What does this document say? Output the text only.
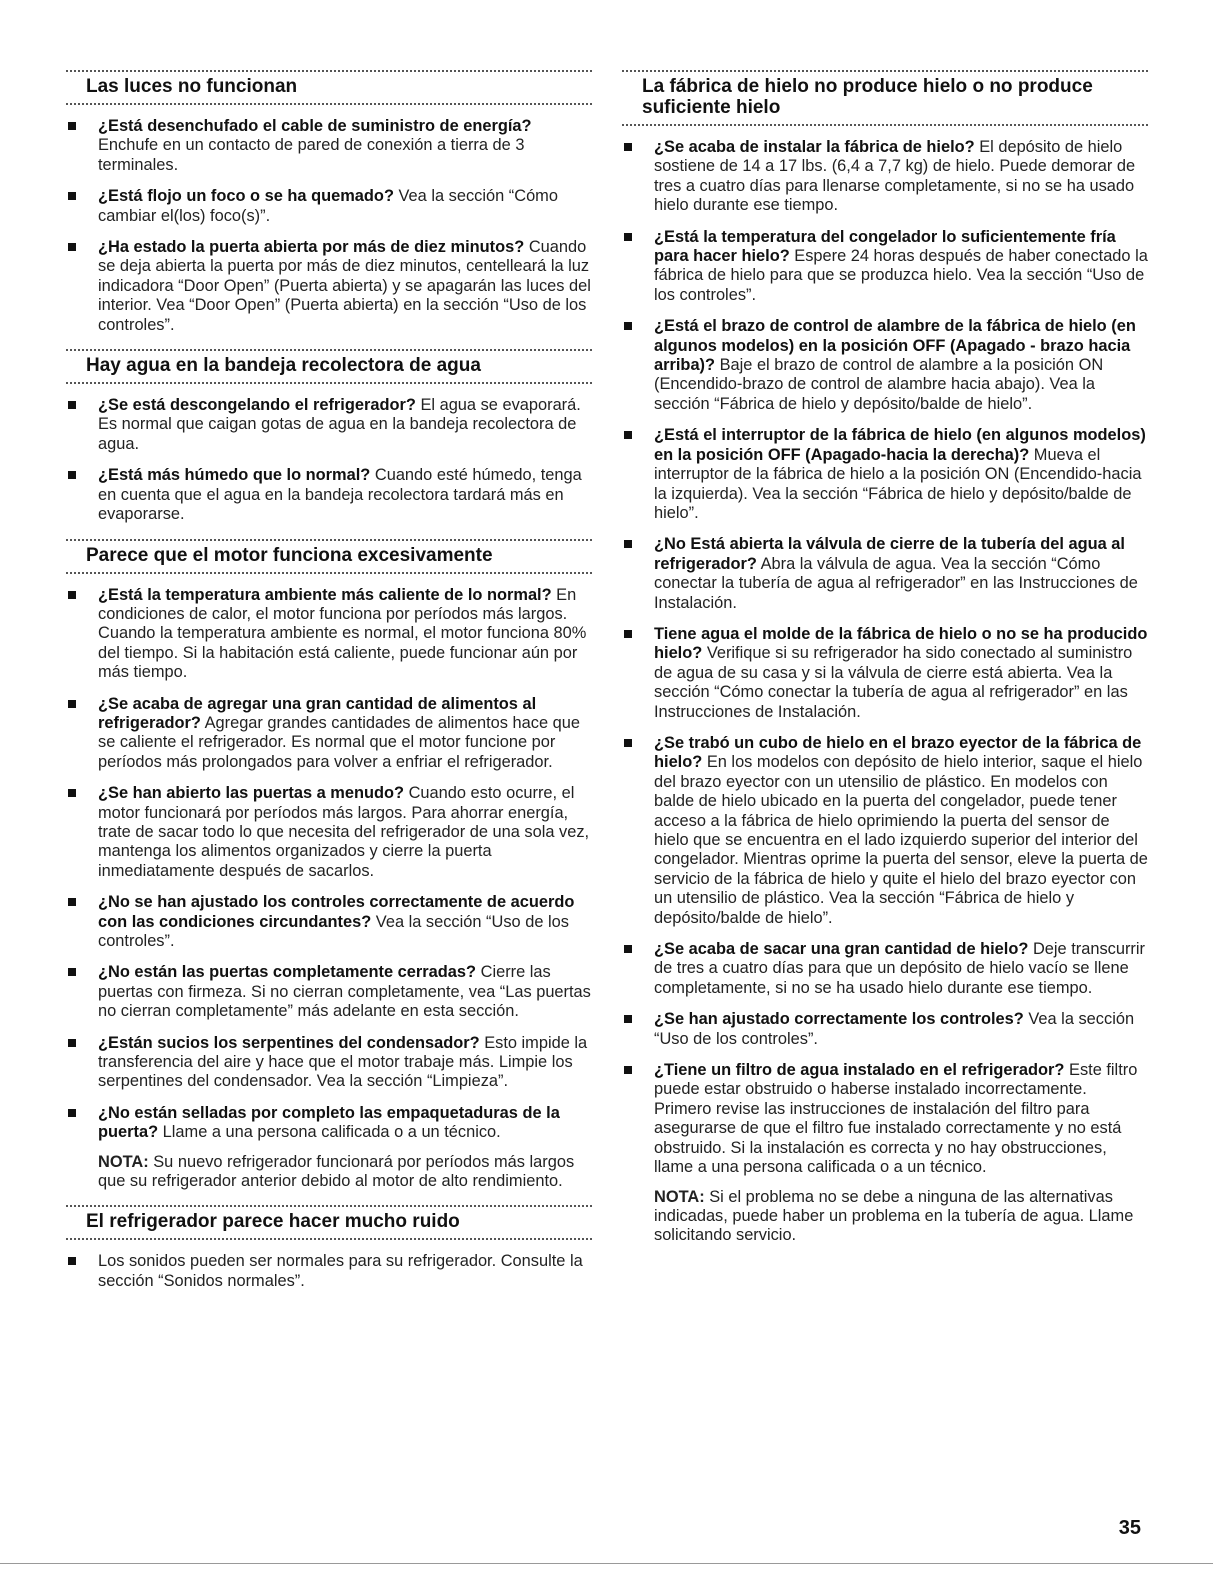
Las luces no funcionan
¿Está desenchufado el cable de suministro de energía? Enchufe en un contacto de pared de conexión a tierra de 3 terminales.
¿Está flojo un foco o se ha quemado? Vea la sección “Cómo cambiar el(los) foco(s)”.
¿Ha estado la puerta abierta por más de diez minutos? Cuando se deja abierta la puerta por más de diez minutos, centelleará la luz indicadora “Door Open” (Puerta abierta) y se apagarán las luces del interior. Vea “Door Open” (Puerta abierta) en la sección “Uso de los controles”.
Hay agua en la bandeja recolectora de agua
¿Se está descongelando el refrigerador? El agua se evaporará. Es normal que caigan gotas de agua en la bandeja recolectora de agua.
¿Está más húmedo que lo normal? Cuando esté húmedo, tenga en cuenta que el agua en la bandeja recolectora tardará más en evaporarse.
Parece que el motor funciona excesivamente
¿Está la temperatura ambiente más caliente de lo normal? En condiciones de calor, el motor funciona por períodos más largos. Cuando la temperatura ambiente es normal, el motor funciona 80% del tiempo. Si la habitación está caliente, puede funcionar aún por más tiempo.
¿Se acaba de agregar una gran cantidad de alimentos al refrigerador? Agregar grandes cantidades de alimentos hace que se caliente el refrigerador. Es normal que el motor funcione por períodos más prolongados para volver a enfriar el refrigerador.
¿Se han abierto las puertas a menudo? Cuando esto ocurre, el motor funcionará por períodos más largos. Para ahorrar energía, trate de sacar todo lo que necesita del refrigerador de una sola vez, mantenga los alimentos organizados y cierre la puerta inmediatamente después de sacarlos.
¿No se han ajustado los controles correctamente de acuerdo con las condiciones circundantes? Vea la sección “Uso de los controles”.
¿No están las puertas completamente cerradas? Cierre las puertas con firmeza. Si no cierran completamente, vea “Las puertas no cierran completamente” más adelante en esta sección.
¿Están sucios los serpentines del condensador? Esto impide la transferencia del aire y hace que el motor trabaje más. Limpie los serpentines del condensador. Vea la sección “Limpieza”.
¿No están selladas por completo las empaquetaduras de la puerta? Llame a una persona calificada o a un técnico.
NOTA: Su nuevo refrigerador funcionará por períodos más largos que su refrigerador anterior debido al motor de alto rendimiento.
El refrigerador parece hacer mucho ruido
Los sonidos pueden ser normales para su refrigerador. Consulte la sección “Sonidos normales”.
La fábrica de hielo no produce hielo o no produce suficiente hielo
¿Se acaba de instalar la fábrica de hielo? El depósito de hielo sostiene de 14 a 17 lbs. (6,4 a 7,7 kg) de hielo. Puede demorar de tres a cuatro días para llenarse completamente, si no se ha usado hielo durante ese tiempo.
¿Está la temperatura del congelador lo suficientemente fría para hacer hielo? Espere 24 horas después de haber conectado la fábrica de hielo para que se produzca hielo. Vea la sección “Uso de los controles”.
¿Está el brazo de control de alambre de la fábrica de hielo (en algunos modelos) en la posición OFF (Apagado - brazo hacia arriba)? Baje el brazo de control de alambre a la posición ON (Encendido-brazo de control de alambre hacia abajo). Vea la sección “Fábrica de hielo y depósito/balde de hielo”.
¿Está el interruptor de la fábrica de hielo (en algunos modelos) en la posición OFF (Apagado-hacia la derecha)? Mueva el interruptor de la fábrica de hielo a la posición ON (Encendido-hacia la izquierda). Vea la sección “Fábrica de hielo y depósito/balde de hielo”.
¿No Está abierta la válvula de cierre de la tubería del agua al refrigerador? Abra la válvula de agua. Vea la sección “Cómo conectar la tubería de agua al refrigerador” en las Instrucciones de Instalación.
Tiene agua el molde de la fábrica de hielo o no se ha producido hielo? Verifique si su refrigerador ha sido conectado al suministro de agua de su casa y si la válvula de cierre está abierta. Vea la sección “Cómo conectar la tubería de agua al refrigerador” en las Instrucciones de Instalación.
¿Se trabó un cubo de hielo en el brazo eyector de la fábrica de hielo? En los modelos con depósito de hielo interior, saque el hielo del brazo eyector con un utensilio de plástico. En modelos con balde de hielo ubicado en la puerta del congelador, puede tener acceso a la fábrica de hielo oprimiendo la puerta del sensor de hielo que se encuentra en el lado izquierdo superior del interior del congelador. Mientras oprime la puerta del sensor, eleve la puerta de servicio de la fábrica de hielo y quite el hielo del brazo eyector con un utensilio de plástico. Vea la sección “Fábrica de hielo y depósito/balde de hielo”.
¿Se acaba de sacar una gran cantidad de hielo? Deje transcurrir de tres a cuatro días para que un depósito de hielo vacío se llene completamente, si no se ha usado hielo durante ese tiempo.
¿Se han ajustado correctamente los controles? Vea la sección “Uso de los controles”.
¿Tiene un filtro de agua instalado en el refrigerador? Este filtro puede estar obstruido o haberse instalado incorrectamente. Primero revise las instrucciones de instalación del filtro para asegurarse de que el filtro fue instalado correctamente y no está obstruido. Si la instalación es correcta y no hay obstrucciones, llame a una persona calificada o a un técnico.
NOTA: Si el problema no se debe a ninguna de las alternativas indicadas, puede haber un problema en la tubería de agua. Llame solicitando servicio.
35
